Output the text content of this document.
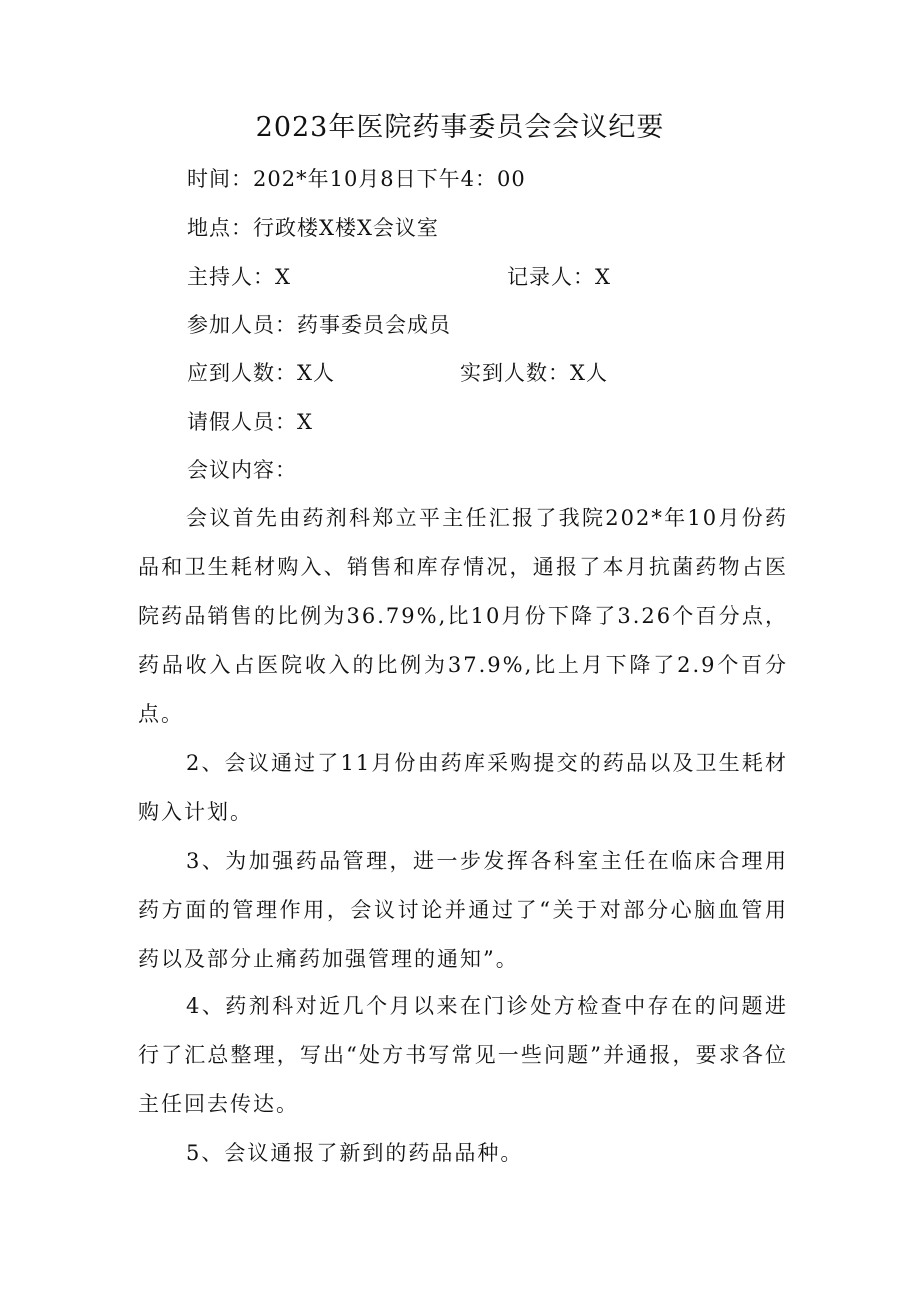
2023年医院药事委员会会议纪要
时间：202*年10月8日下午4：00
地点：行政楼X楼X会议室
主持人：X	记录人：X
参加人员：药事委员会成员
应到人数：X人	实到人数：X人
请假人员：X
会议内容：

会议首先由药剂科郑立平主任汇报了我院202*年10月份药品和卫生耗材购入、销售和库存情况，通报了本月抗菌药物占医院药品销售的比例为36.79%,比10月份下降了3.26个百分点，药品收入占医院收入的比例为37.9%,比上月下降了2.9个百分点。

2、会议通过了11月份由药库采购提交的药品以及卫生耗材购入计划。

3、为加强药品管理，进一步发挥各科室主任在临床合理用药方面的管理作用，会议讨论并通过了“关于对部分心脑血管用药以及部分止痛药加强管理的通知”。

4、药剂科对近几个月以来在门诊处方检查中存在的问题进行了汇总整理，写出“处方书写常见一些问题”并通报，要求各位主任回去传达。

5、会议通报了新到的药品品种。
